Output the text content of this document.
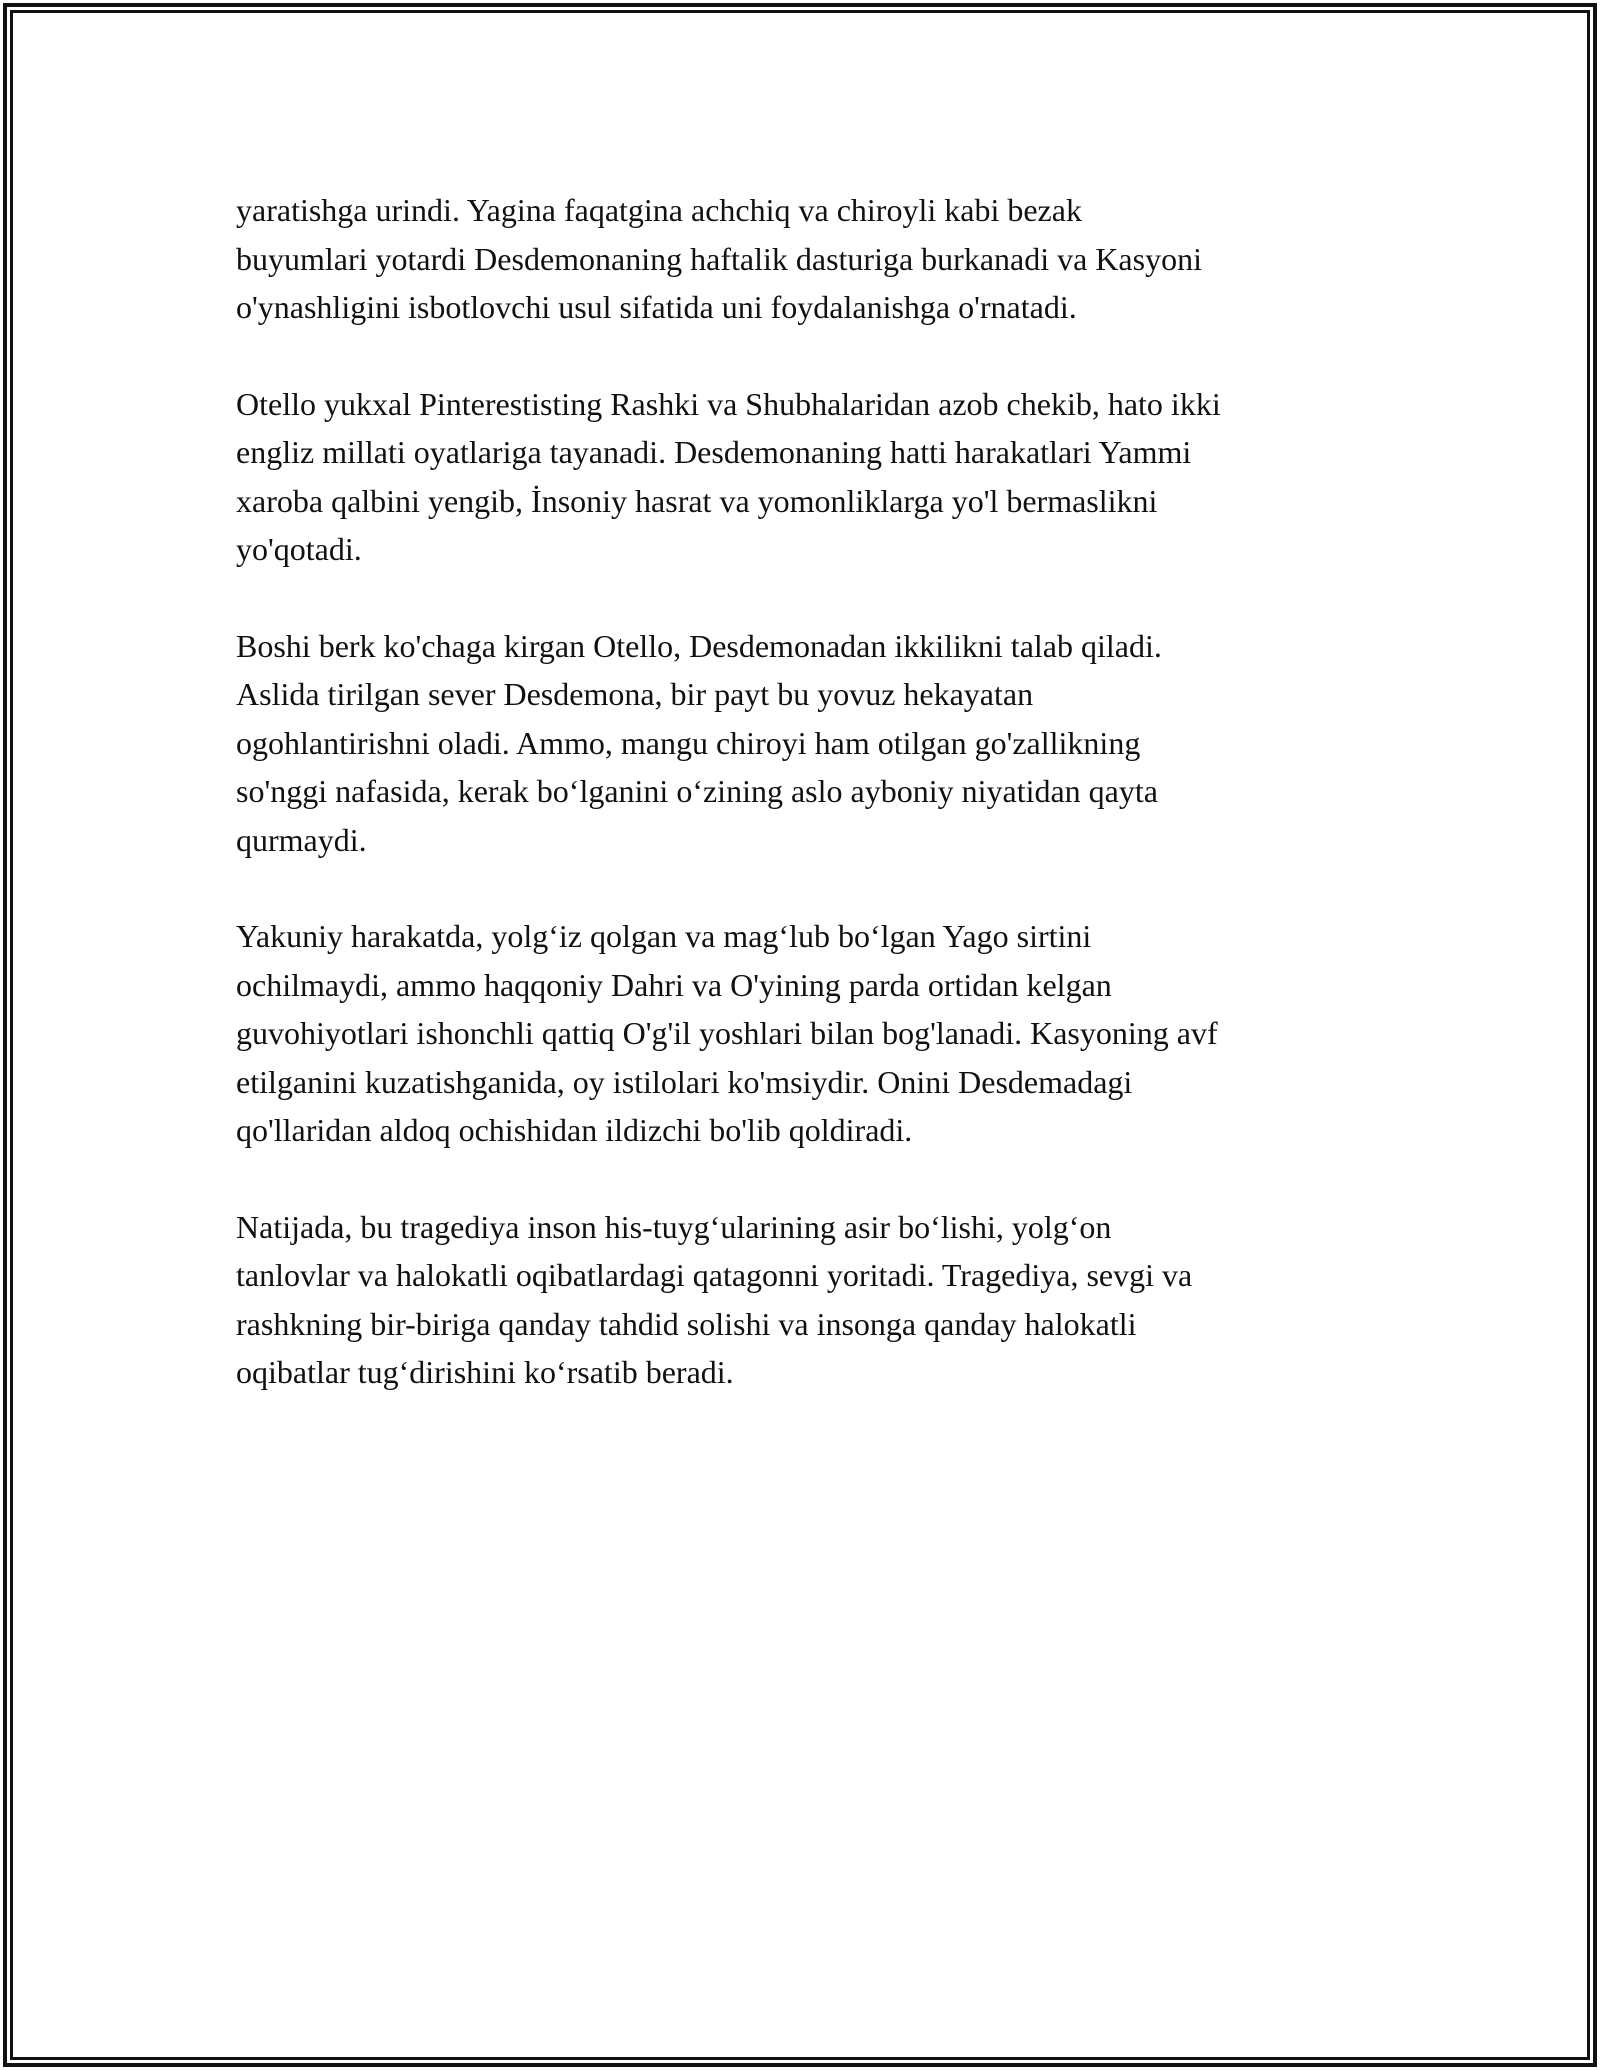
yaratishga urindi. Yagina faqatgina achchiq va chiroyli kabi bezak
buyumlari yotardi Desdemonaning haftalik dasturiga burkanadi va Kasyoni
o'ynashligini isbotlovchi usul sifatida uni foydalanishga o'rnatadi.

Otello yukxal Pinterestisting Rashki va Shubhalaridan azob chekib, hato ikki
engliz millati oyatlariga tayanadi. Desdemonaning hatti harakatlari Yammi
xaroba qalbini yengib, İnsoniy hasrat va yomonliklarga yo'l bermaslikni
yo'qotadi.

Boshi berk ko'chaga kirgan Otello, Desdemonadan ikkilikni talab qiladi.
Aslida tirilgan sever Desdemona, bir payt bu yovuz hekayatan
ogohlantirishni oladi. Ammo, mangu chiroyi ham otilgan go'zallikning
so'nggi nafasida, kerak bo‘lganini o‘zining aslo ayboniy niyatidan qayta
qurmaydi.

Yakuniy harakatda, yolg‘iz qolgan va mag‘lub bo‘lgan Yago sirtini
ochilmaydi, ammo haqqoniy Dahri va O'yining parda ortidan kelgan
guvohiyotlari ishonchli qattiq O'g'il yoshlari bilan bog'lanadi. Kasyoning avf
etilganini kuzatishganida, oy istilolari ko'msiydir. Onini Desdemadagi
qo'llaridan aldoq ochishidan ildizchi bo'lib qoldiradi.

Natijada, bu tragediya inson his-tuyg‘ularining asir bo‘lishi, yolg‘on
tanlovlar va halokatli oqibatlardagi qatagonni yoritadi. Tragediya, sevgi va
rashkning bir-biriga qanday tahdid solishi va insonga qanday halokatli
oqibatlar tug‘dirishini ko‘rsatib beradi.
